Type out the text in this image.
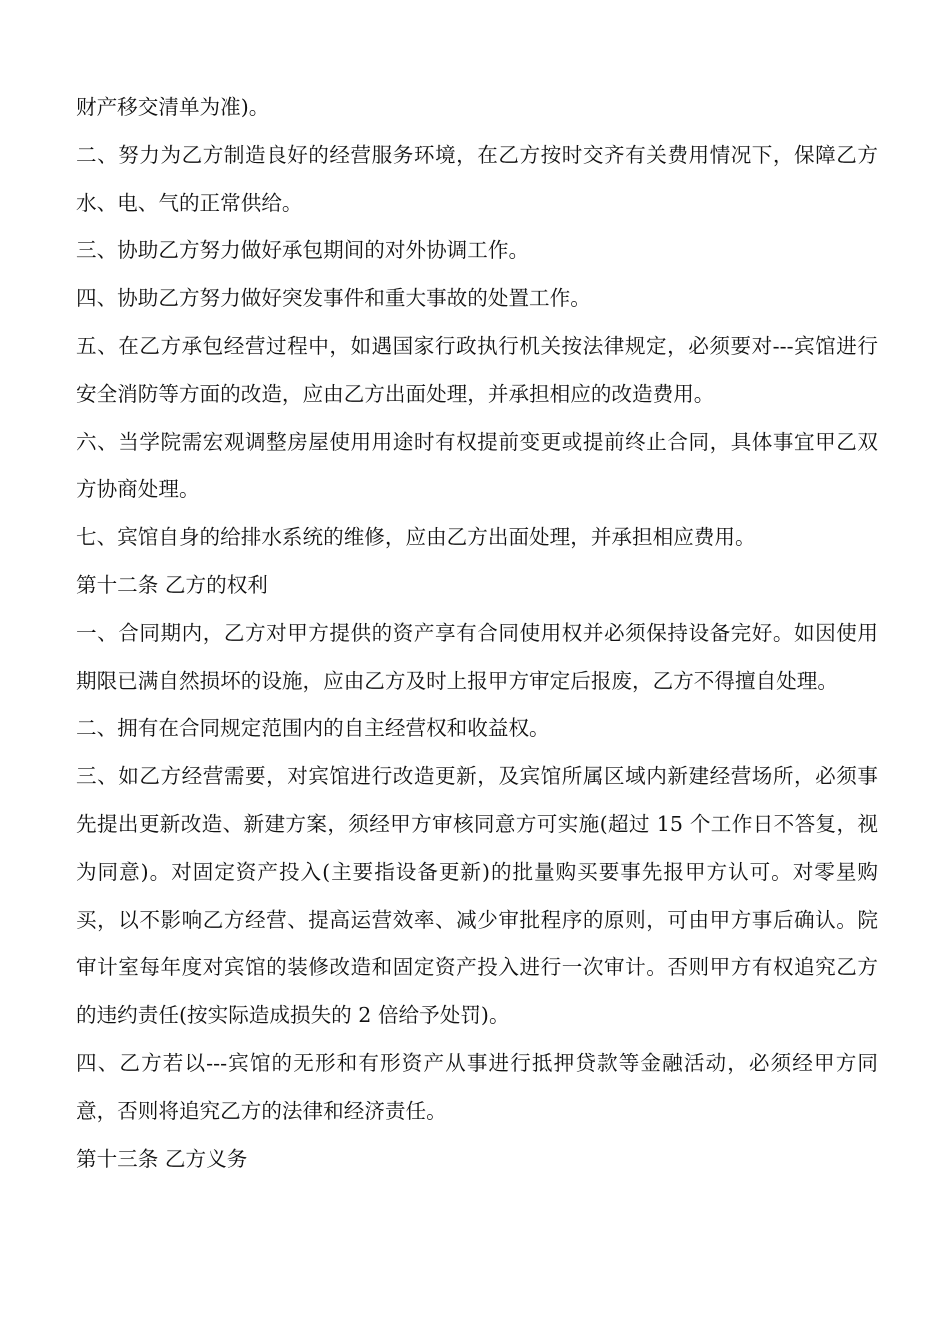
财产移交清单为准)。

二、努力为乙方制造良好的经营服务环境，在乙方按时交齐有关费用情况下，保障乙方水、电、气的正常供给。

三、协助乙方努力做好承包期间的对外协调工作。

四、协助乙方努力做好突发事件和重大事故的处置工作。

五、在乙方承包经营过程中，如遇国家行政执行机关按法律规定，必须要对---宾馆进行安全消防等方面的改造，应由乙方出面处理，并承担相应的改造费用。

六、当学院需宏观调整房屋使用用途时有权提前变更或提前终止合同，具体事宜甲乙双方协商处理。

七、宾馆自身的给排水系统的维修，应由乙方出面处理，并承担相应费用。

第十二条 乙方的权利

一、合同期内，乙方对甲方提供的资产享有合同使用权并必须保持设备完好。如因使用期限已满自然损坏的设施，应由乙方及时上报甲方审定后报废，乙方不得擅自处理。

二、拥有在合同规定范围内的自主经营权和收益权。

三、如乙方经营需要，对宾馆进行改造更新，及宾馆所属区域内新建经营场所，必须事先提出更新改造、新建方案，须经甲方审核同意方可实施(超过 15 个工作日不答复，视为同意)。对固定资产投入(主要指设备更新)的批量购买要事先报甲方认可。对零星购买，以不影响乙方经营、提高运营效率、减少审批程序的原则，可由甲方事后确认。院审计室每年度对宾馆的装修改造和固定资产投入进行一次审计。否则甲方有权追究乙方的违约责任(按实际造成损失的 2 倍给予处罚)。

四、乙方若以---宾馆的无形和有形资产从事进行抵押贷款等金融活动，必须经甲方同意，否则将追究乙方的法律和经济责任。

第十三条 乙方义务
